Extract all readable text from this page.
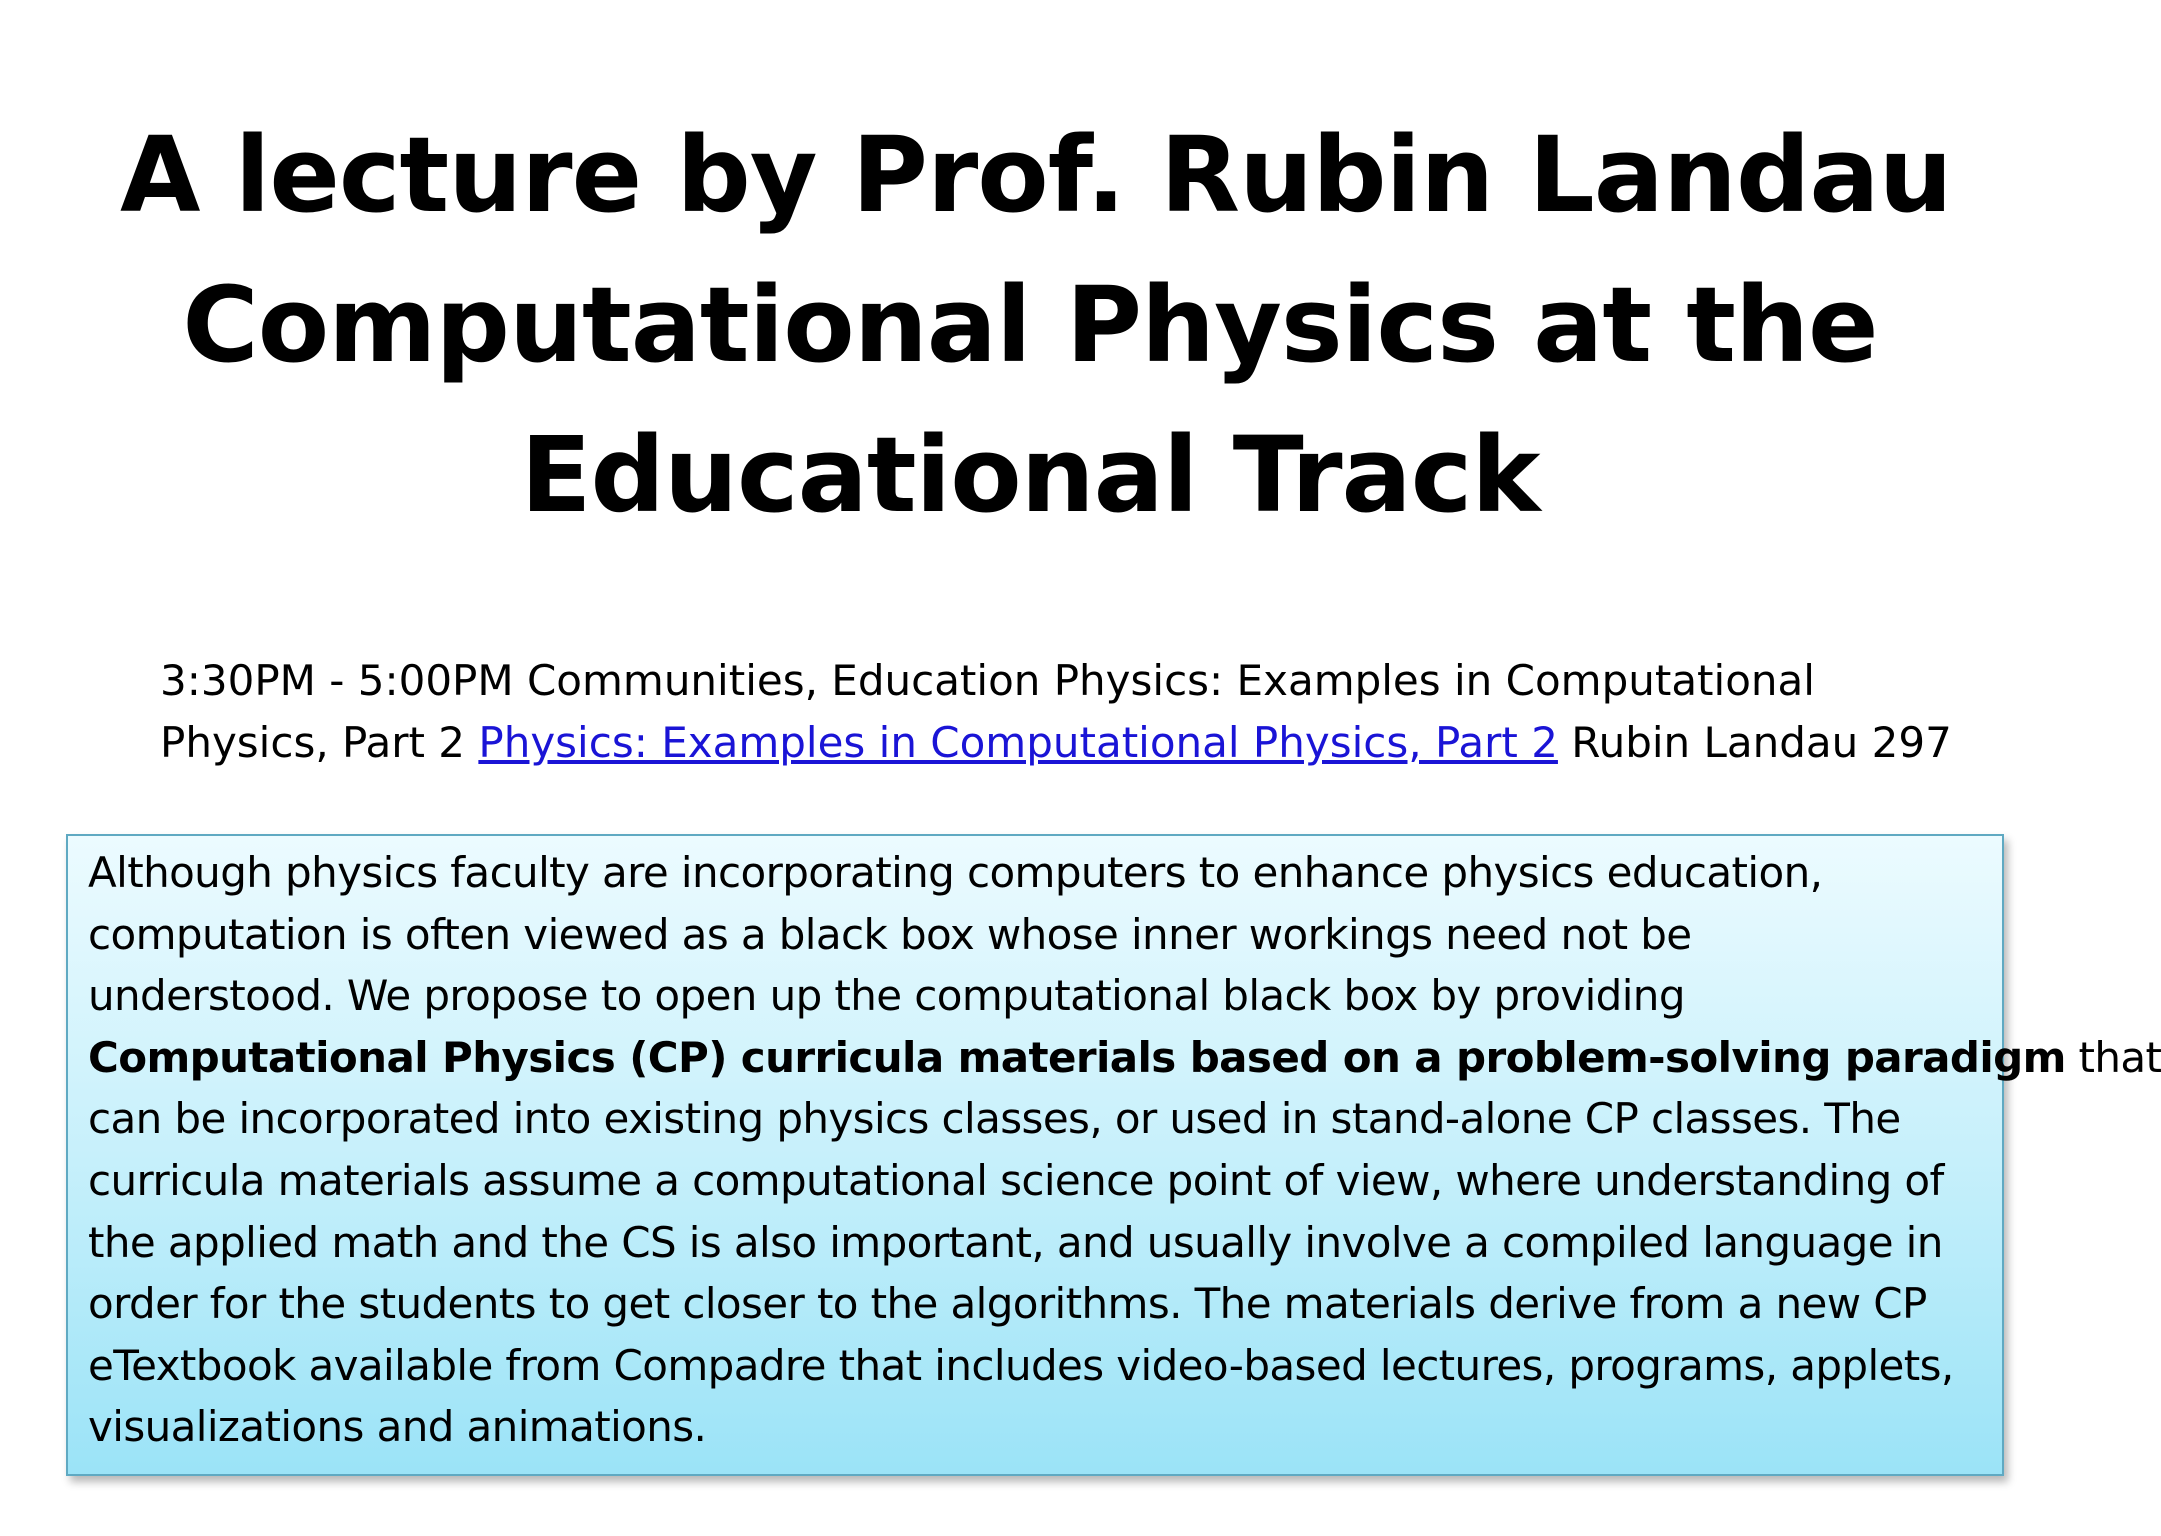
A lecture by Prof. Rubin Landau
Computational Physics at the
Educational Track
3:30PM - 5:00PM Communities, Education Physics: Examples in Computational
Physics, Part 2 Physics: Examples in Computational Physics, Part 2 Rubin Landau 297
Although physics faculty are incorporating computers to enhance physics education,
computation is often viewed as a black box whose inner workings need not be
understood. We propose to open up the computational black box by providing
Computational Physics (CP) curricula materials based on a problem-solving paradigm that
can be incorporated into existing physics classes, or used in stand-alone CP classes. The
curricula materials assume a computational science point of view, where understanding of
the applied math and the CS is also important, and usually involve a compiled language in
order for the students to get closer to the algorithms. The materials derive from a new CP
eTextbook available from Compadre that includes video-based lectures, programs, applets,
visualizations and animations.
